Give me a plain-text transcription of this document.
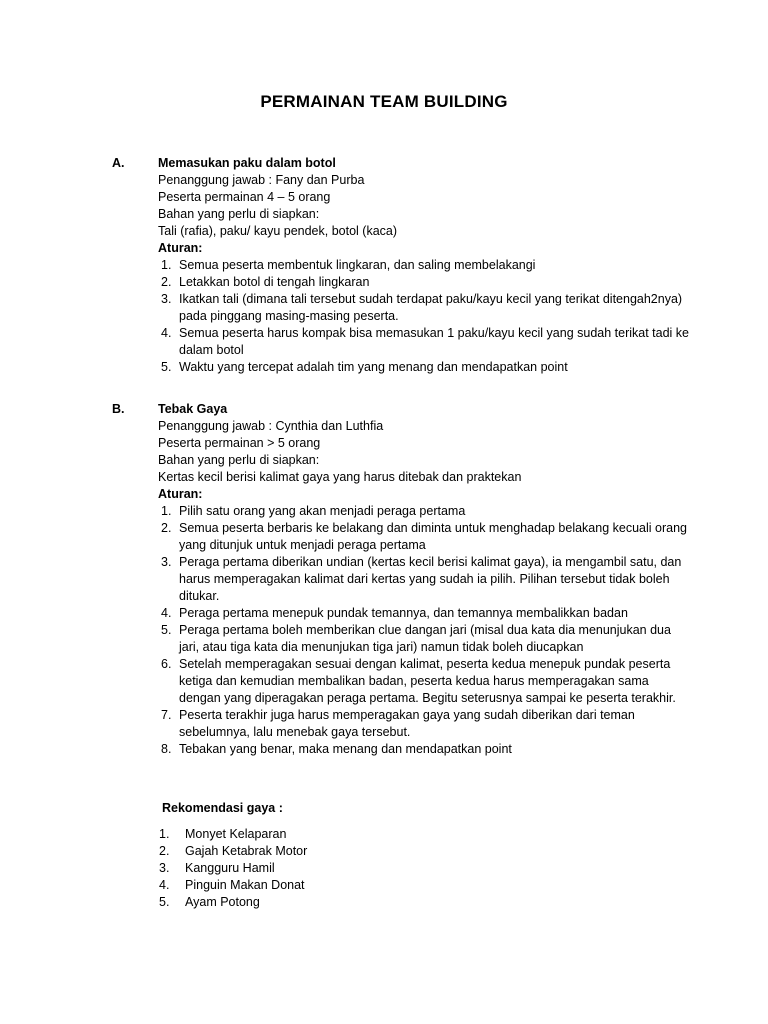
PERMAINAN TEAM BUILDING
A.	Memasukan paku dalam botol
Penanggung jawab : Fany dan Purba
Peserta permainan 4 – 5 orang
Bahan yang perlu di siapkan:
Tali (rafia), paku/ kayu pendek, botol (kaca)
Aturan:
1. Semua peserta membentuk lingkaran, dan saling membelakangi
2. Letakkan botol di tengah lingkaran
3. Ikatkan tali (dimana tali tersebut sudah terdapat paku/kayu kecil yang terikat ditengah2nya) pada pinggang masing-masing peserta.
4. Semua peserta harus kompak bisa memasukan 1 paku/kayu kecil yang sudah terikat tadi ke dalam botol
5. Waktu yang tercepat adalah tim yang menang dan mendapatkan point
B.	Tebak Gaya
Penanggung jawab : Cynthia dan Luthfia
Peserta permainan > 5 orang
Bahan yang perlu di siapkan:
Kertas kecil berisi kalimat gaya yang harus ditebak dan praktekan
Aturan:
1. Pilih satu orang yang akan menjadi peraga pertama
2. Semua peserta berbaris ke belakang dan diminta untuk menghadap belakang kecuali orang yang ditunjuk untuk menjadi peraga pertama
3. Peraga pertama diberikan undian (kertas kecil berisi kalimat gaya), ia mengambil satu, dan harus memperagakan kalimat dari kertas yang sudah ia pilih. Pilihan tersebut tidak boleh ditukar.
4. Peraga pertama menepuk pundak temannya, dan temannya membalikkan badan
5. Peraga pertama boleh memberikan clue dangan jari (misal dua kata dia menunjukan dua jari, atau tiga kata dia menunjukan tiga jari) namun tidak boleh diucapkan
6. Setelah memperagakan sesuai dengan kalimat, peserta kedua menepuk pundak peserta ketiga dan kemudian membalikan badan, peserta kedua harus memperagakan sama dengan yang diperagakan peraga pertama. Begitu seterusnya sampai ke peserta terakhir.
7. Peserta terakhir juga harus memperagakan gaya yang sudah diberikan dari teman sebelumnya, lalu menebak gaya tersebut.
8. Tebakan yang benar, maka menang dan mendapatkan point
Rekomendasi gaya :
1.	Monyet Kelaparan
2.	Gajah Ketabrak Motor
3.	Kangguru Hamil
4.	Pinguin Makan Donat
5.	Ayam Potong
